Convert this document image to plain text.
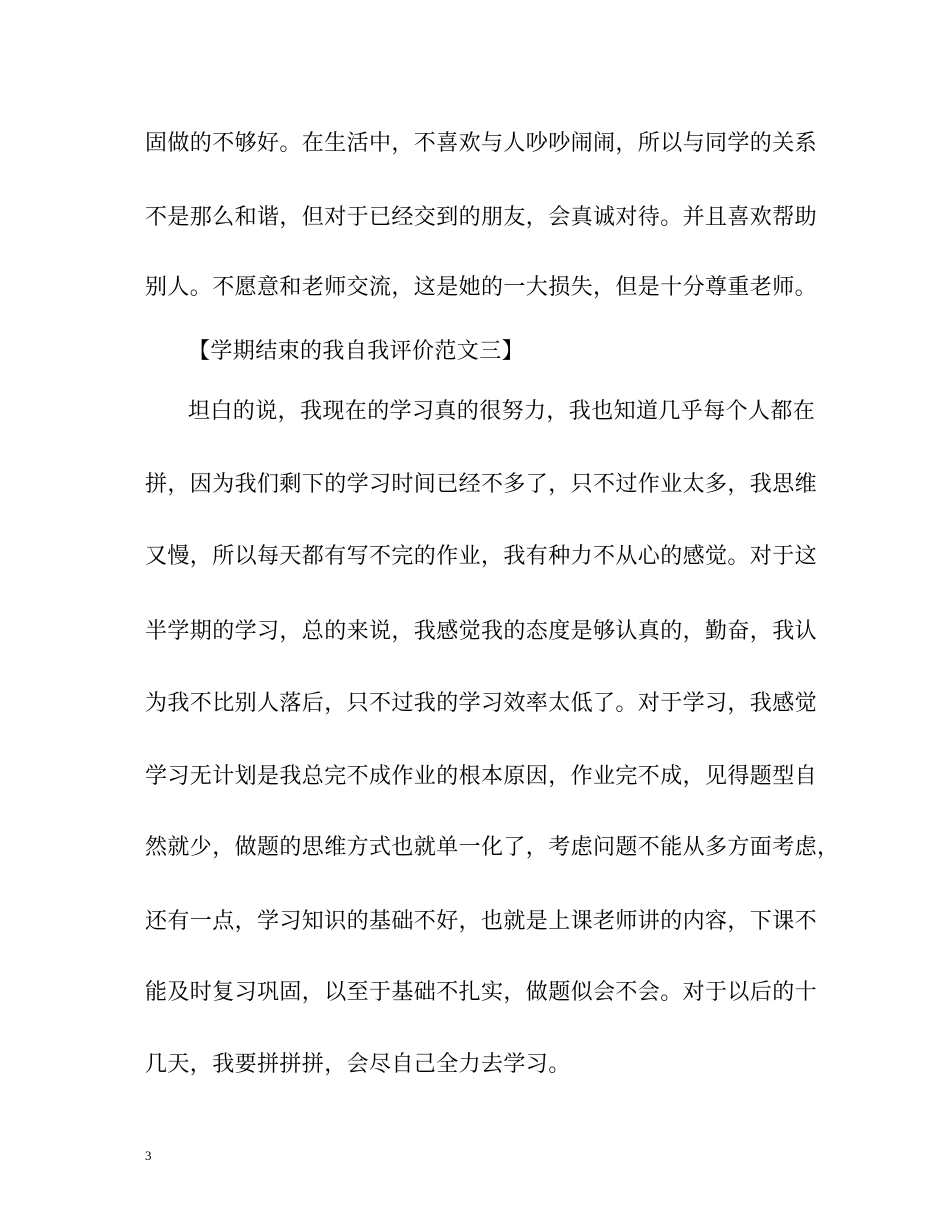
固做的不够好。在生活中，不喜欢与人吵吵闹闹，所以与同学的关系
不是那么和谐，但对于已经交到的朋友，会真诚对待。并且喜欢帮助
别人。不愿意和老师交流，这是她的一大损失，但是十分尊重老师。
【学期结束的我自我评价范文三】
坦白的说，我现在的学习真的很努力，我也知道几乎每个人都在
拼，因为我们剩下的学习时间已经不多了，只不过作业太多，我思维
又慢，所以每天都有写不完的作业，我有种力不从心的感觉。对于这
半学期的学习，总的来说，我感觉我的态度是够认真的，勤奋，我认
为我不比别人落后，只不过我的学习效率太低了。对于学习，我感觉
学习无计划是我总完不成作业的根本原因，作业完不成，见得题型自
然就少，做题的思维方式也就单一化了，考虑问题不能从多方面考虑，
还有一点，学习知识的基础不好，也就是上课老师讲的内容，下课不
能及时复习巩固，以至于基础不扎实，做题似会不会。对于以后的十
几天，我要拼拼拼，会尽自己全力去学习。
3
